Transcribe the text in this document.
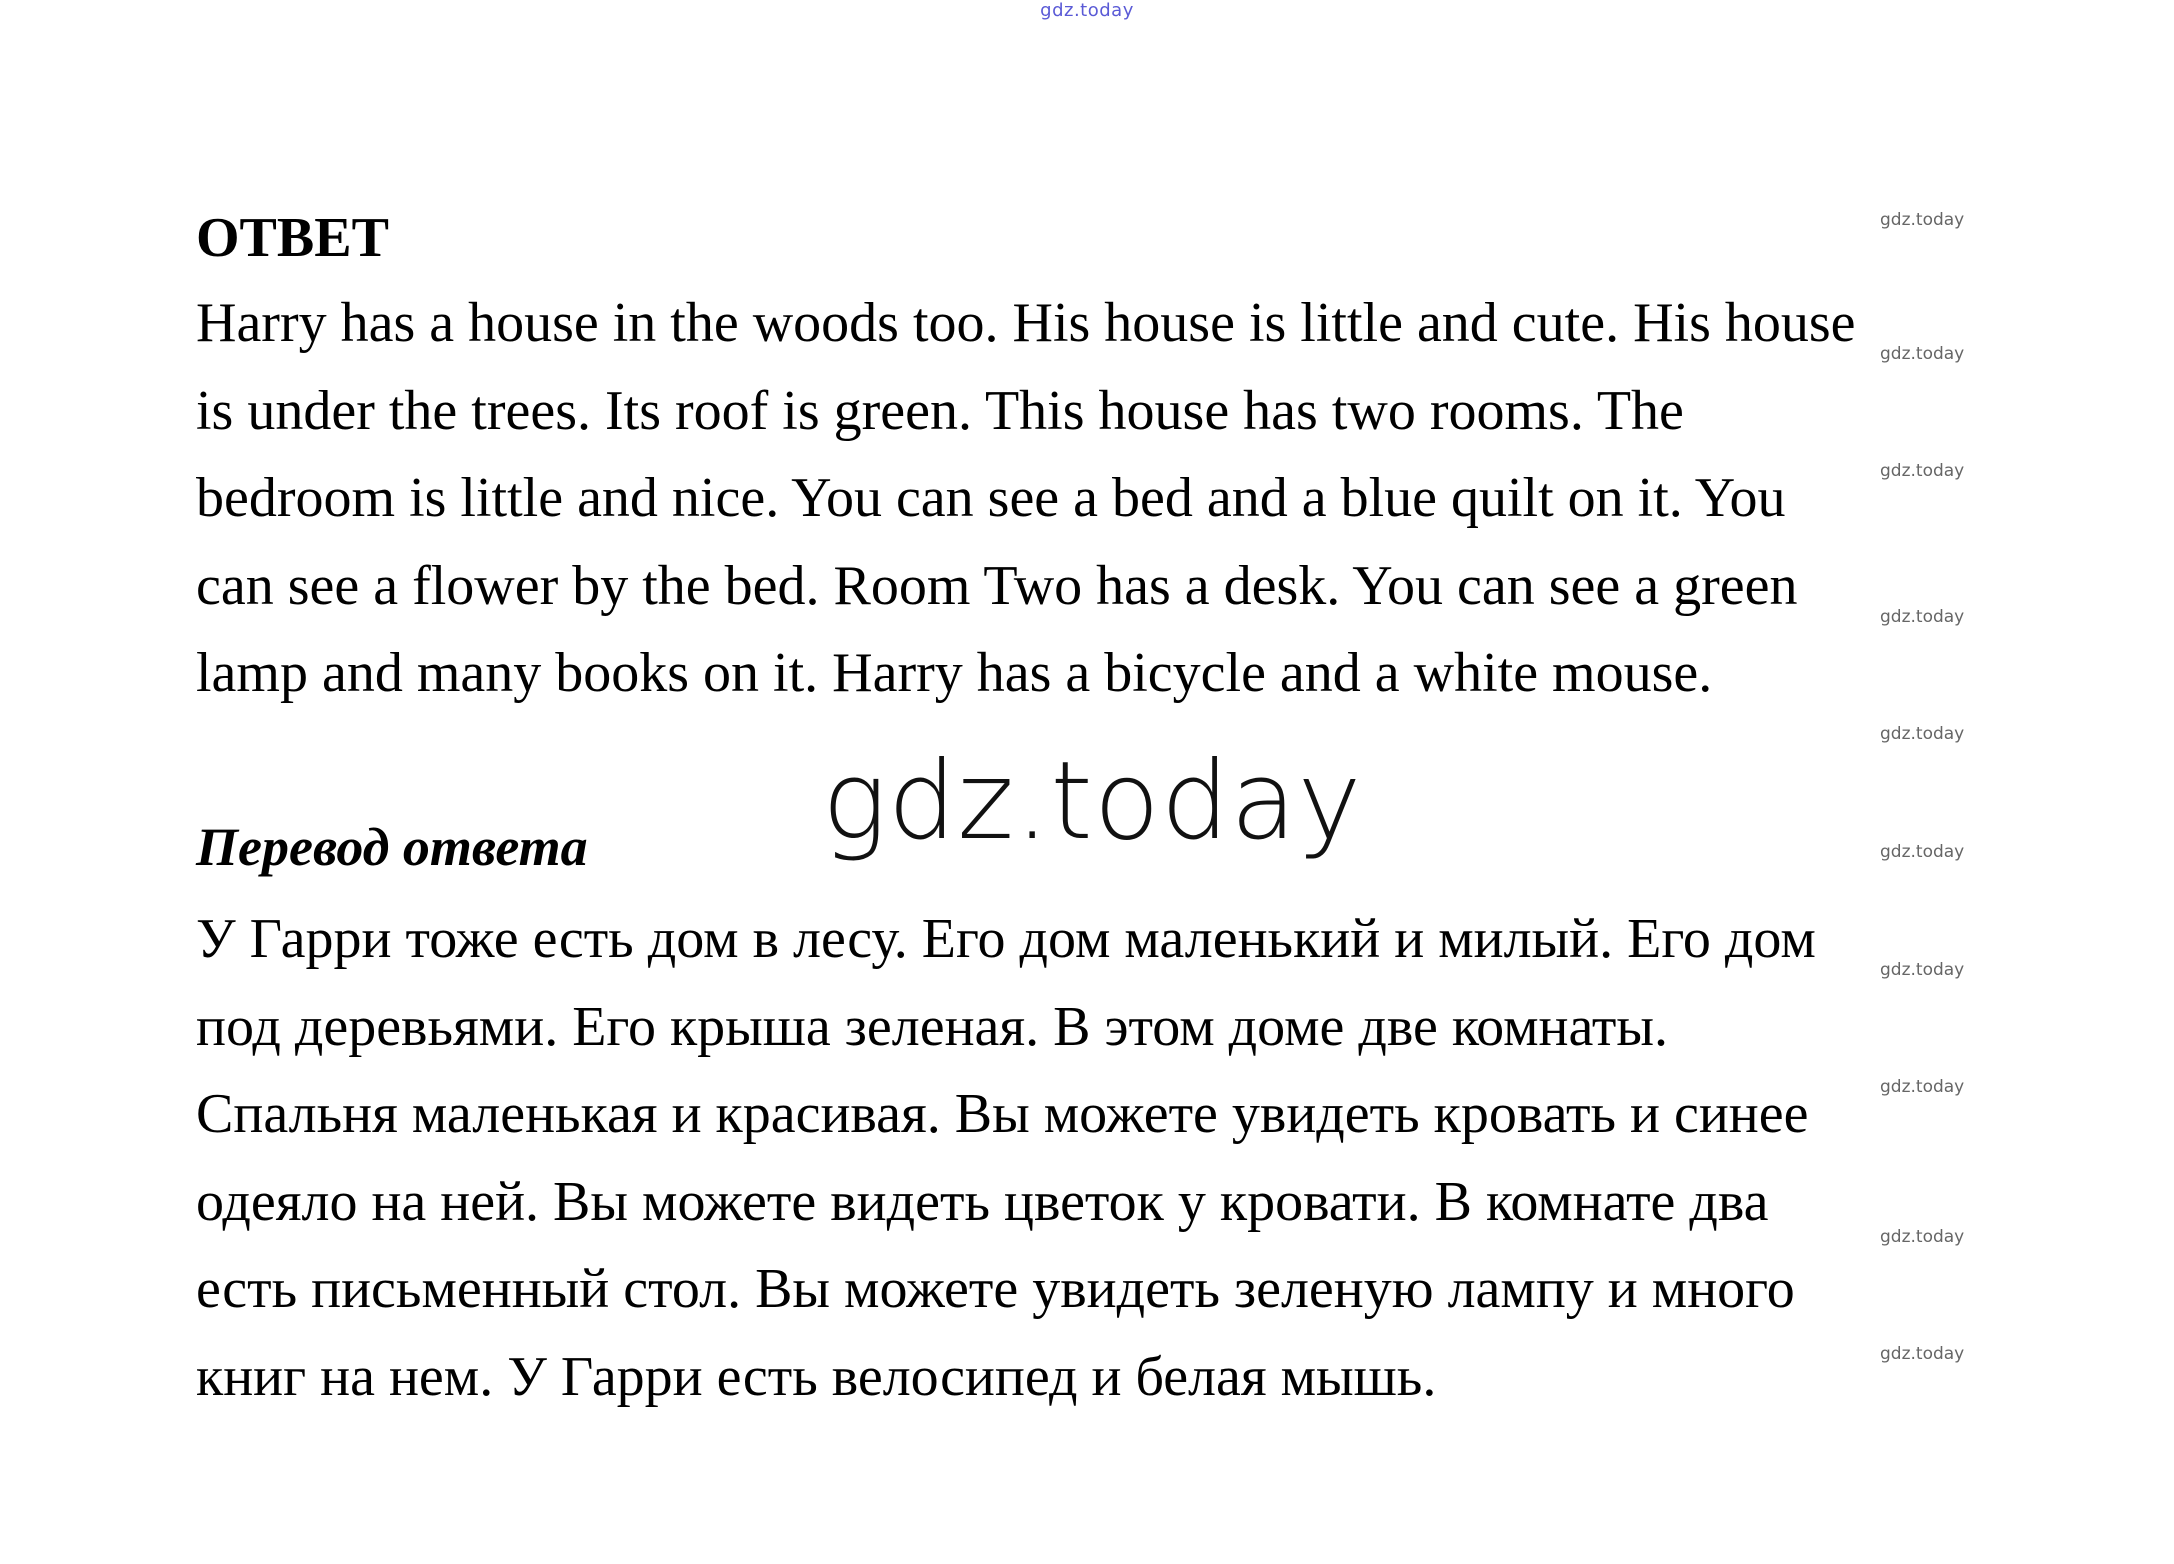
gdz.today
ОТВЕТ

Harry has a house in the woods too. His house is little and cute. His house
is under the trees. Its roof is green. This house has two rooms. The
bedroom is little and nice. You can see a bed and a blue quilt on it. You
can see a flower by the bed. Room Two has a desk. You can see a green
lamp and many books on it. Harry has a bicycle and a white mouse.

gdz.today
Перевод ответа

У Гарри тоже есть дом в лесу. Его дом маленький и милый. Его дом
под деревьями. Его крыша зеленая. В этом доме две комнаты.
Спальня маленькая и красивая. Вы можете увидеть кровать и синее
одеяло на ней. Вы можете видеть цветок у кровати. В комнате два
есть письменный стол. Вы можете увидеть зеленую лампу и много
книг на нем. У Гарри есть велосипед и белая мышь.

gdz.today
gdz.today
gdz.today
gdz.today
gdz.today
gdz.today
gdz.today
gdz.today
gdz.today
gdz.today
